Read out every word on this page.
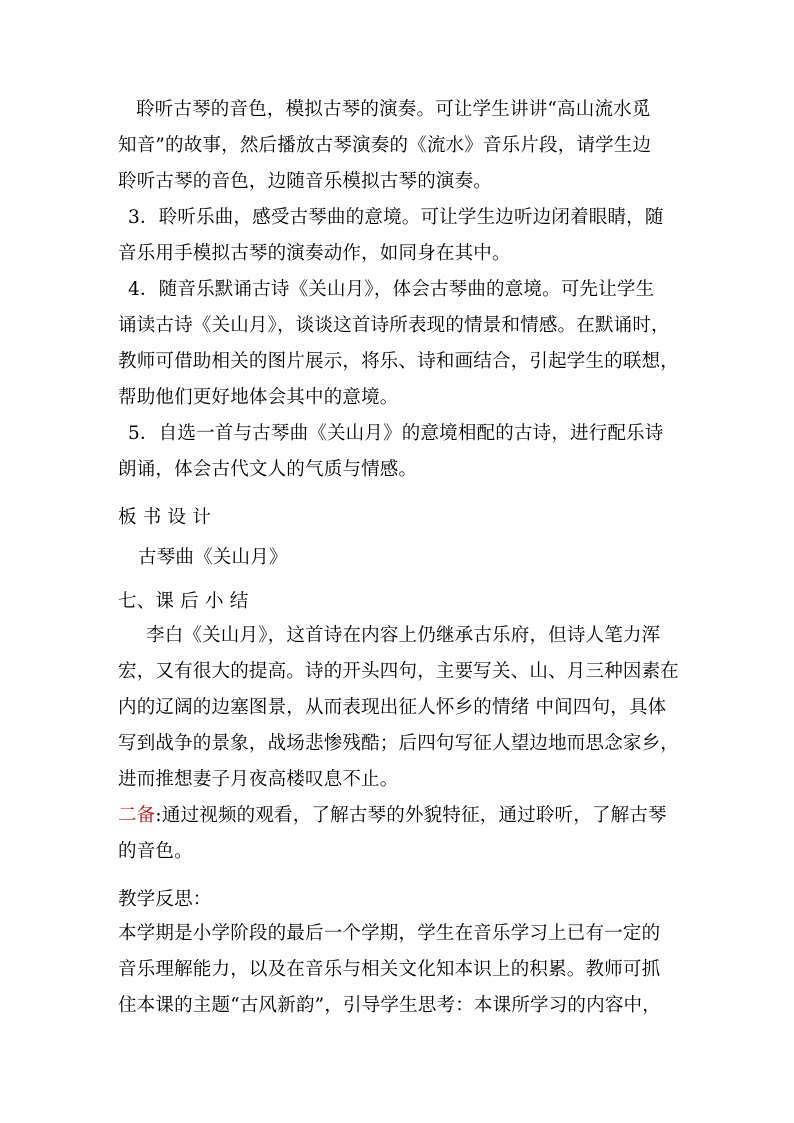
聆听古琴的音色，模拟古琴的演奏。可让学生讲讲“高山流水觅
知音”的故事，然后播放古琴演奏的《流水》音乐片段，请学生边
聆听古琴的音色，边随音乐模拟古琴的演奏。
3．聆听乐曲，感受古琴曲的意境。可让学生边听边闭着眼睛，随
音乐用手模拟古琴的演奏动作，如同身在其中。
4．随音乐默诵古诗《关山月》，体会古琴曲的意境。可先让学生
诵读古诗《关山月》，谈谈这首诗所表现的情景和情感。在默诵时，
教师可借助相关的图片展示，将乐、诗和画结合，引起学生的联想，
帮助他们更好地体会其中的意境。
5．自选一首与古琴曲《关山月》的意境相配的古诗，进行配乐诗
朗诵，体会古代文人的气质与情感。
板 书 设 计
古琴曲《关山月》
七、课 后 小 结
李白《关山月》，这首诗在内容上仍继承古乐府，但诗人笔力浑
宏，又有很大的提高。诗的开头四句，主要写关、山、月三种因素在
内的辽阔的边塞图景，从而表现出征人怀乡的情绪 中间四句，具体
写到战争的景象，战场悲惨残酷；后四句写征人望边地而思念家乡，
进而推想妻子月夜高楼叹息不止。
二备:通过视频的观看，了解古琴的外貌特征，通过聆听，了解古琴
的音色。
教学反思：
本学期是小学阶段的最后一个学期，学生在音乐学习上已有一定的
音乐理解能力，以及在音乐与相关文化知本识上的积累。教师可抓
住本课的主题“古风新韵”，引导学生思考：本课所学习的内容中，
